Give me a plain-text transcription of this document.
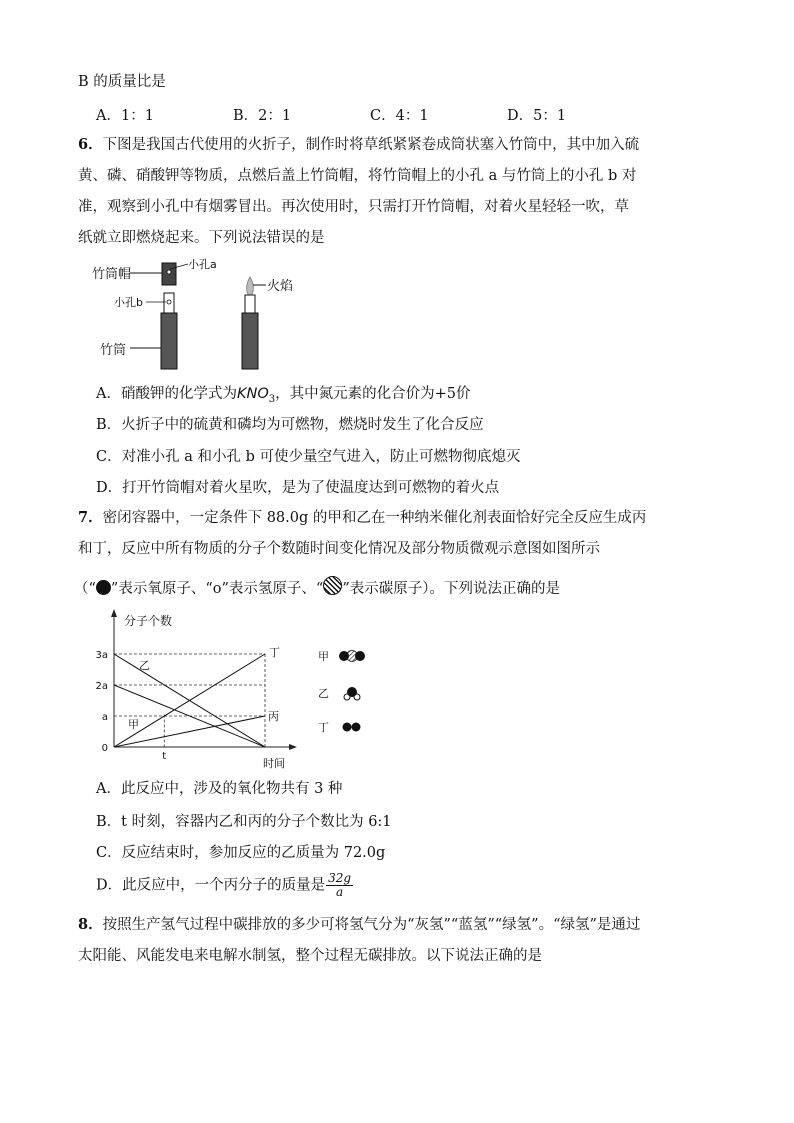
B 的质量比是
A．1：1	B．2：1	C．4：1	D．5：1
6．下图是我国古代使用的火折子，制作时将草纸紧紧卷成筒状塞入竹筒中，其中加入硫
黄、磷、硝酸钾等物质，点燃后盖上竹筒帽，将竹筒帽上的小孔 a 与竹筒上的小孔 b 对
准，观察到小孔中有烟雾冒出。再次使用时，只需打开竹筒帽，对着火星轻轻一吹，草
纸就立即燃烧起来。下列说法错误的是
竹筒帽
小孔a
小孔b
竹筒
火焰
A．硝酸钾的化学式为$KNO_3$，其中氮元素的化合价为+5价
B．火折子中的硫黄和磷均为可燃物，燃烧时发生了化合反应
C．对准小孔 a 和小孔 b 可使少量空气进入，防止可燃物彻底熄灭
D．打开竹筒帽对着火星吹，是为了使温度达到可燃物的着火点
7．密闭容器中，一定条件下 88.0g 的甲和乙在一种纳米催化剂表面恰好完全反应生成丙
和丁，反应中所有物质的分子个数随时间变化情况及部分物质微观示意图如图所示
（“ ”表示氧原子、“o”表示氢原子、“ ”表示碳原子）。下列说法正确的是
分子个数
时间
0
a
2a
3a
t
乙
甲
丁
丙
甲
乙
丁
A．此反应中，涉及的氧化物共有 3 种
B．t 时刻，容器内乙和丙的分子个数比为 6:1
C．反应结束时，参加反应的乙质量为 72.0g
D．此反应中，一个丙分子的质量是 $\frac{32g}{a}$
8．按照生产氢气过程中碳排放的多少可将氢气分为“灰氢”“蓝氢”“绿氢”。“绿氢”是通过
太阳能、风能发电来电解水制氢，整个过程无碳排放。以下说法正确的是
